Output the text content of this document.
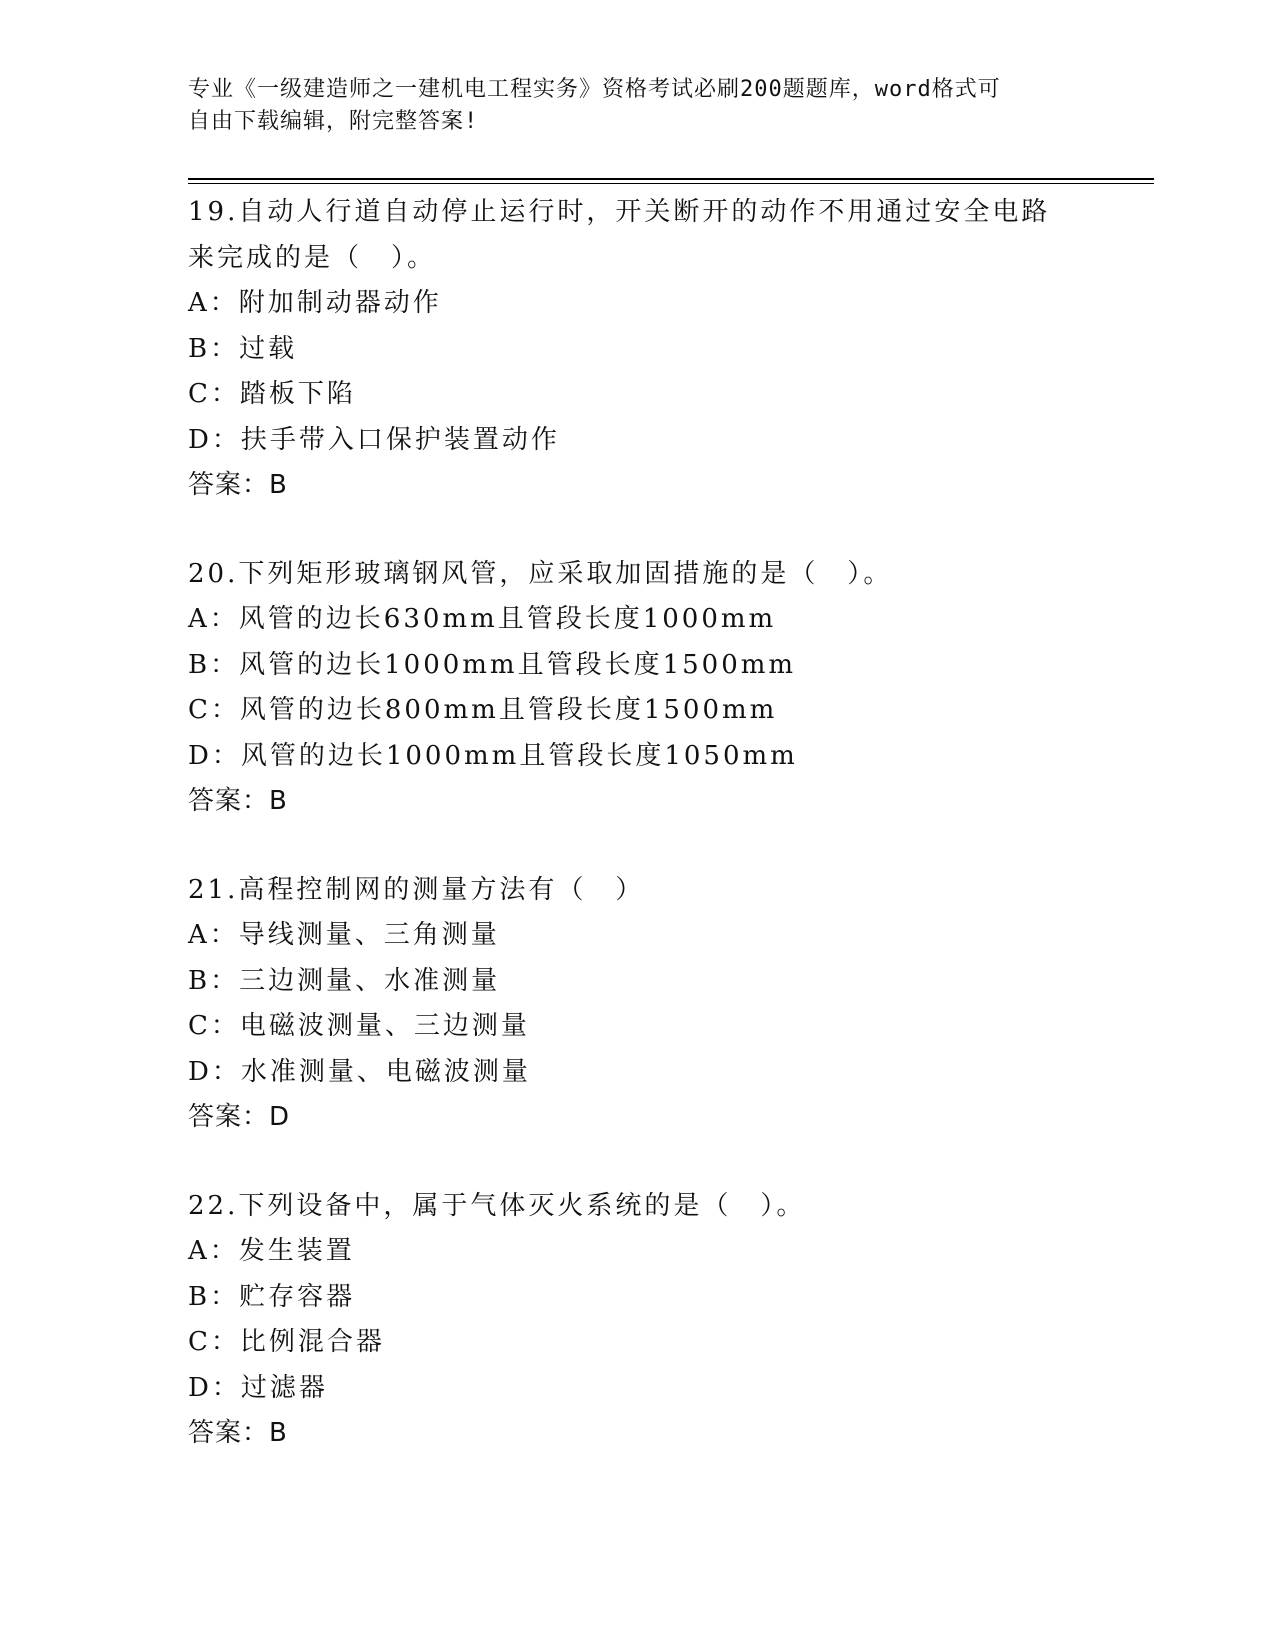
专业《一级建造师之一建机电工程实务》资格考试必刷200题题库，word格式可
自由下载编辑，附完整答案!
19.自动人行道自动停止运行时，开关断开的动作不用通过安全电路来完成的是（　）。
A：附加制动器动作
B：过载
C：踏板下陷
D：扶手带入口保护装置动作
答案：B
20.下列矩形玻璃钢风管，应采取加固措施的是（　）。
A：风管的边长630mm且管段长度1000mm
B：风管的边长1000mm且管段长度1500mm
C：风管的边长800mm且管段长度1500mm
D：风管的边长1000mm且管段长度1050mm
答案：B
21.高程控制网的测量方法有（　）
A：导线测量、三角测量
B：三边测量、水准测量
C：电磁波测量、三边测量
D：水准测量、电磁波测量
答案：D
22.下列设备中，属于气体灭火系统的是（　）。
A：发生装置
B：贮存容器
C：比例混合器
D：过滤器
答案：B
